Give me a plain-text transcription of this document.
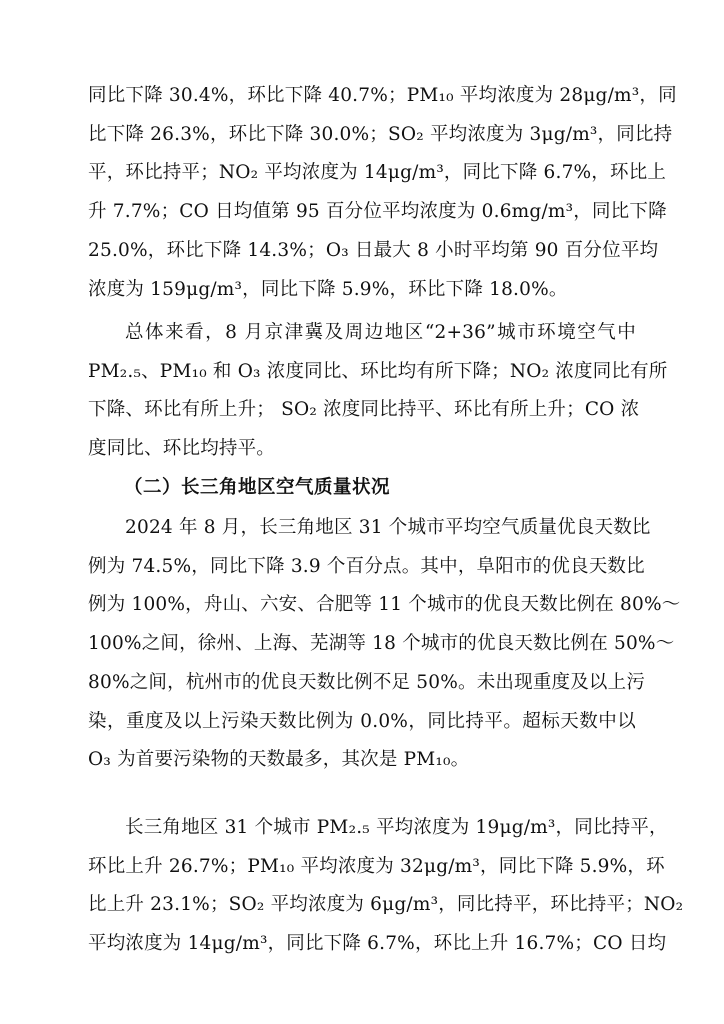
同比下降 30.4%，环比下降 40.7%；PM₁₀ 平均浓度为 28μg/m³，同
比下降 26.3%，环比下降 30.0%；SO₂ 平均浓度为 3μg/m³，同比持
平，环比持平；NO₂ 平均浓度为 14μg/m³，同比下降 6.7%，环比上
升 7.7%；CO 日均值第 95 百分位平均浓度为 0.6mg/m³，同比下降
25.0%，环比下降 14.3%；O₃ 日最大 8 小时平均第 90 百分位平均
浓度为 159μg/m³，同比下降 5.9%，环比下降 18.0%。
总体来看，8 月京津冀及周边地区“2+36”城市环境空气中
PM₂.₅、PM₁₀ 和 O₃ 浓度同比、环比均有所下降；NO₂ 浓度同比有所
下降、环比有所上升； SO₂ 浓度同比持平、环比有所上升；CO 浓
度同比、环比均持平。
（二）长三角地区空气质量状况
2024 年 8 月，长三角地区 31 个城市平均空气质量优良天数比
例为 74.5%，同比下降 3.9 个百分点。其中，阜阳市的优良天数比
例为 100%，舟山、六安、合肥等 11 个城市的优良天数比例在 80%～
100%之间，徐州、上海、芜湖等 18 个城市的优良天数比例在 50%～
80%之间，杭州市的优良天数比例不足 50%。未出现重度及以上污
染，重度及以上污染天数比例为 0.0%，同比持平。超标天数中以
O₃ 为首要污染物的天数最多，其次是 PM₁₀。
长三角地区 31 个城市 PM₂.₅ 平均浓度为 19μg/m³，同比持平，
环比上升 26.7%；PM₁₀ 平均浓度为 32μg/m³，同比下降 5.9%，环
比上升 23.1%；SO₂ 平均浓度为 6μg/m³，同比持平，环比持平；NO₂
平均浓度为 14μg/m³，同比下降 6.7%，环比上升 16.7%；CO 日均
